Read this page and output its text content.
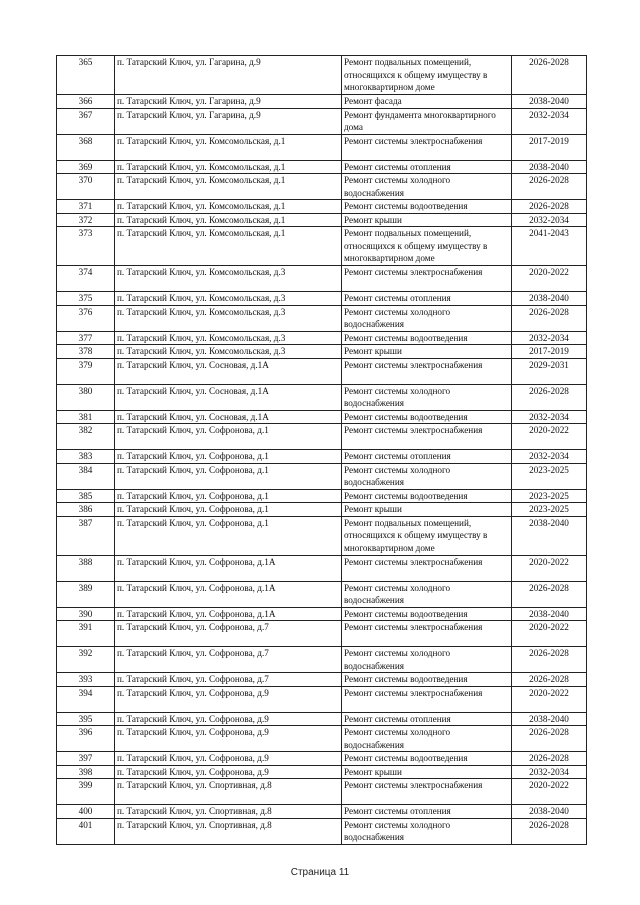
365	п. Татарский Ключ, ул. Гагарина, д.9	Ремонт подвальных помещений, относящихся к общему имуществу в многоквартирном доме	2026-2028
366	п. Татарский Ключ, ул. Гагарина, д.9	Ремонт фасада	2038-2040
367	п. Татарский Ключ, ул. Гагарина, д.9	Ремонт фундамента многоквартирного дома	2032-2034
368	п. Татарский Ключ, ул. Комсомольская, д.1	Ремонт системы электроснабжения	2017-2019
369	п. Татарский Ключ, ул. Комсомольская, д.1	Ремонт системы отопления	2038-2040
370	п. Татарский Ключ, ул. Комсомольская, д.1	Ремонт системы холодного водоснабжения	2026-2028
371	п. Татарский Ключ, ул. Комсомольская, д.1	Ремонт системы водоотведения	2026-2028
372	п. Татарский Ключ, ул. Комсомольская, д.1	Ремонт крыши	2032-2034
373	п. Татарский Ключ, ул. Комсомольская, д.1	Ремонт подвальных помещений, относящихся к общему имуществу в многоквартирном доме	2041-2043
374	п. Татарский Ключ, ул. Комсомольская, д.3	Ремонт системы электроснабжения	2020-2022
375	п. Татарский Ключ, ул. Комсомольская, д.3	Ремонт системы отопления	2038-2040
376	п. Татарский Ключ, ул. Комсомольская, д.3	Ремонт системы холодного водоснабжения	2026-2028
377	п. Татарский Ключ, ул. Комсомольская, д.3	Ремонт системы водоотведения	2032-2034
378	п. Татарский Ключ, ул. Комсомольская, д.3	Ремонт крыши	2017-2019
379	п. Татарский Ключ, ул. Сосновая, д.1А	Ремонт системы электроснабжения	2029-2031
380	п. Татарский Ключ, ул. Сосновая, д.1А	Ремонт системы холодного водоснабжения	2026-2028
381	п. Татарский Ключ, ул. Сосновая, д.1А	Ремонт системы водоотведения	2032-2034
382	п. Татарский Ключ, ул. Софронова, д.1	Ремонт системы электроснабжения	2020-2022
383	п. Татарский Ключ, ул. Софронова, д.1	Ремонт системы отопления	2032-2034
384	п. Татарский Ключ, ул. Софронова, д.1	Ремонт системы холодного водоснабжения	2023-2025
385	п. Татарский Ключ, ул. Софронова, д.1	Ремонт системы водоотведения	2023-2025
386	п. Татарский Ключ, ул. Софронова, д.1	Ремонт крыши	2023-2025
387	п. Татарский Ключ, ул. Софронова, д.1	Ремонт подвальных помещений, относящихся к общему имуществу в многоквартирном доме	2038-2040
388	п. Татарский Ключ, ул. Софронова, д.1А	Ремонт системы электроснабжения	2020-2022
389	п. Татарский Ключ, ул. Софронова, д.1А	Ремонт системы холодного водоснабжения	2026-2028
390	п. Татарский Ключ, ул. Софронова, д.1А	Ремонт системы водоотведения	2038-2040
391	п. Татарский Ключ, ул. Софронова, д.7	Ремонт системы электроснабжения	2020-2022
392	п. Татарский Ключ, ул. Софронова, д.7	Ремонт системы холодного водоснабжения	2026-2028
393	п. Татарский Ключ, ул. Софронова, д.7	Ремонт системы водоотведения	2026-2028
394	п. Татарский Ключ, ул. Софронова, д.9	Ремонт системы электроснабжения	2020-2022
395	п. Татарский Ключ, ул. Софронова, д.9	Ремонт системы отопления	2038-2040
396	п. Татарский Ключ, ул. Софронова, д.9	Ремонт системы холодного водоснабжения	2026-2028
397	п. Татарский Ключ, ул. Софронова, д.9	Ремонт системы водоотведения	2026-2028
398	п. Татарский Ключ, ул. Софронова, д.9	Ремонт крыши	2032-2034
399	п. Татарский Ключ, ул. Спортивная, д.8	Ремонт системы электроснабжения	2020-2022
400	п. Татарский Ключ, ул. Спортивная, д.8	Ремонт системы отопления	2038-2040
401	п. Татарский Ключ, ул. Спортивная, д.8	Ремонт системы холодного водоснабжения	2026-2028
Страница 11
